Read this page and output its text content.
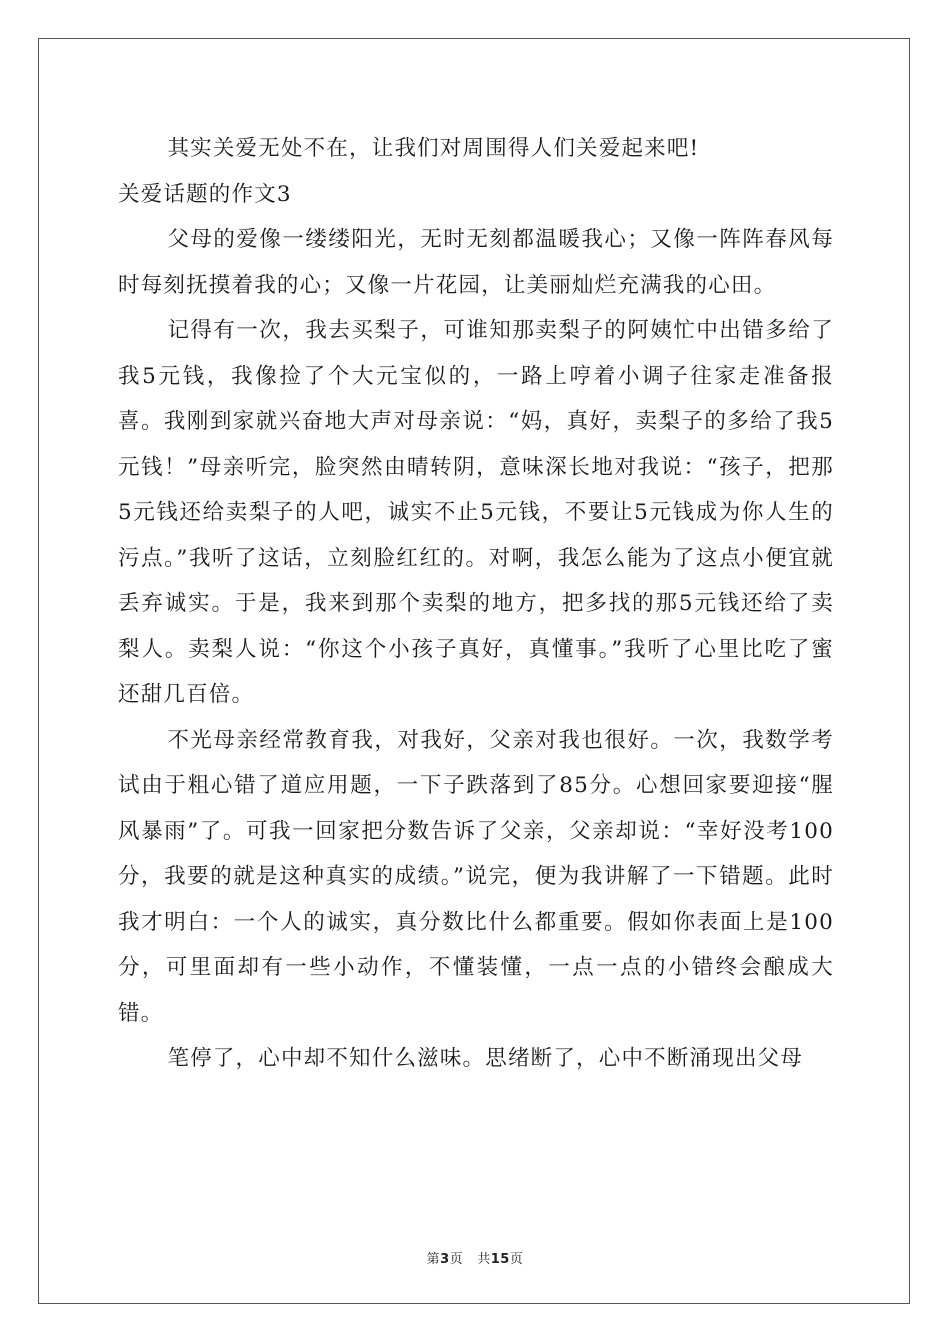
其实关爱无处不在，让我们对周围得人们关爱起来吧!

关爱话题的作文3

父母的爱像一缕缕阳光，无时无刻都温暖我心；又像一阵阵春风每时每刻抚摸着我的心；又像一片花园，让美丽灿烂充满我的心田。

记得有一次，我去买梨子，可谁知那卖梨子的阿姨忙中出错多给了我5元钱，我像捡了个大元宝似的，一路上哼着小调子往家走准备报喜。我刚到家就兴奋地大声对母亲说：“妈，真好，卖梨子的多给了我5元钱！”母亲听完，脸突然由晴转阴，意味深长地对我说：“孩子，把那5元钱还给卖梨子的人吧，诚实不止5元钱，不要让5元钱成为你人生的污点。”我听了这话，立刻脸红红的。对啊，我怎么能为了这点小便宜就丢弃诚实。于是，我来到那个卖梨的地方，把多找的那5元钱还给了卖梨人。卖梨人说：“你这个小孩子真好，真懂事。”我听了心里比吃了蜜还甜几百倍。

不光母亲经常教育我，对我好，父亲对我也很好。一次，我数学考试由于粗心错了道应用题，一下子跌落到了85分。心想回家要迎接“腥风暴雨”了。可我一回家把分数告诉了父亲，父亲却说：“幸好没考100分，我要的就是这种真实的成绩。”说完，便为我讲解了一下错题。此时我才明白：一个人的诚实，真分数比什么都重要。假如你表面上是100分，可里面却有一些小动作，不懂装懂，一点一点的小错终会酿成大错。

笔停了，心中却不知什么滋味。思绪断了，心中不断涌现出父母

第3页 共15页
